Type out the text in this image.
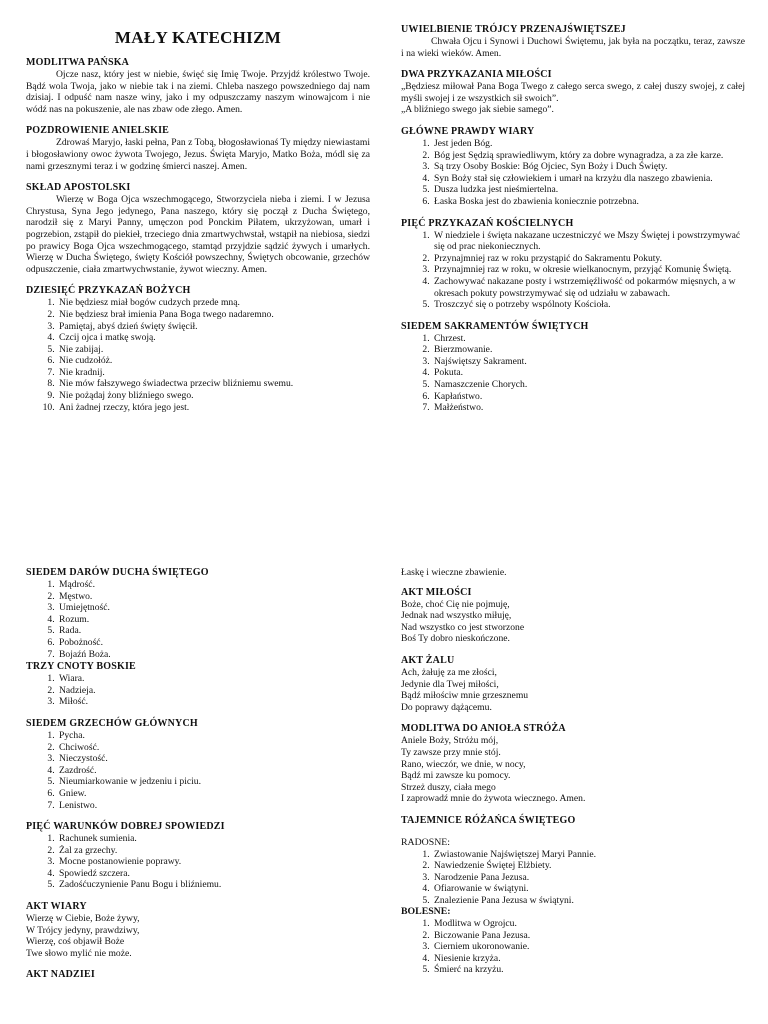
MAŁY KATECHIZM
MODLITWA PAŃSKA

Ojcze nasz, który jest w niebie, święć się Imię Twoje. Przyjdź królestwo Twoje. Bądź wola Twoja, jako w niebie tak i na ziemi. Chleba naszego powszedniego daj nam dzisiaj. I odpuść nam nasze winy, jako i my odpuszczamy naszym winowajcom i nie wódź nas na pokuszenie, ale nas zbaw ode złego. Amen.

POZDROWIENIE ANIELSKIE

Zdrowaś Maryjo, łaski pełna, Pan z Tobą, błogosławionaś Ty między niewiastami i błogosławiony owoc żywota Twojego, Jezus. Święta Maryjo, Matko Boża, módl się za nami grzesznymi teraz i w godzinę śmierci naszej. Amen.

SKŁAD APOSTOLSKI

Wierzę w Boga Ojca wszechmogącego, Stworzyciela nieba i ziemi. I w Jezusa Chrystusa, Syna Jego jedynego, Pana naszego, który się począł z Ducha Świętego, narodził się z Maryi Panny, umęczon pod Ponckim Piłatem, ukrzyżowan, umarł i pogrzebion, zstąpił do piekieł, trzeciego dnia zmartwychwstał, wstąpił na niebiosa, siedzi po prawicy Boga Ojca wszechmogącego, stamtąd przyjdzie sądzić żywych i umarłych. Wierzę w Ducha Świętego, święty Kościół powszechny, Świętych obcowanie, grzechów odpuszczenie, ciała zmartwychwstanie, żywot wieczny. Amen.

DZIESIĘĆ PRZYKAZAŃ BOŻYCH
1. Nie będziesz miał bogów cudzych przede mną.
2. Nie będziesz brał imienia Pana Boga twego nadaremno.
3. Pamiętaj, abyś dzień święty święcił.
4. Czcij ojca i matkę swoją.
5. Nie zabijaj.
6. Nie cudzołóż.
7. Nie kradnij.
8. Nie mów fałszywego świadectwa przeciw bliźniemu swemu.
9. Nie pożądaj żony bliźniego swego.
10. Ani żadnej rzeczy, która jego jest.
UWIELBIENIE TRÓJCY PRZENAJŚWIĘTSZEJ

Chwała Ojcu i Synowi i Duchowi Świętemu, jak była na początku, teraz, zawsze i na wieki wieków. Amen.

DWA PRZYKAZANIA MIŁOŚCI

„Będziesz miłował Pana Boga Twego z całego serca swego, z całej duszy swojej, z całej myśli swojej i ze wszystkich sił swoich”.

„A bliźniego swego jak siebie samego”.

GŁÓWNE PRAWDY WIARY
1. Jest jeden Bóg.
2. Bóg jest Sędzią sprawiedliwym, który za dobre wynagradza, a za złe karze.
3. Są trzy Osoby Boskie: Bóg Ojciec, Syn Boży i Duch Święty.
4. Syn Boży stał się człowiekiem i umarł na krzyżu dla naszego zbawienia.
5. Dusza ludzka jest nieśmiertelna.
6. Łaska Boska jest do zbawienia koniecznie potrzebna.
PIĘĆ PRZYKAZAŃ KOŚCIELNYCH
1. W niedziele i święta nakazane uczestniczyć we Mszy Świętej i powstrzymywać się od prac niekoniecznych.
2. Przynajmniej raz w roku przystąpić do Sakramentu Pokuty.
3. Przynajmniej raz w roku, w okresie wielkanocnym, przyjąć Komunię Świętą.
4. Zachowywać nakazane posty i wstrzemięźliwość od pokarmów mięsnych, a w okresach pokuty powstrzymywać się od udziału w zabawach.
5. Troszczyć się o potrzeby wspólnoty Kościoła.
SIEDEM SAKRAMENTÓW ŚWIĘTYCH
1. Chrzest.
2. Bierzmowanie.
3. Najświętszy Sakrament.
4. Pokuta.
5. Namaszczenie Chorych.
6. Kapłaństwo.
7. Małżeństwo.
SIEDEM DARÓW DUCHA ŚWIĘTEGO
1. Mądrość.
2. Męstwo.
3. Umiejętność.
4. Rozum.
5. Rada.
6. Pobożność.
7. Bojaźń Boża.
TRZY CNOTY BOSKIE
1. Wiara.
2. Nadzieja.
3. Miłość.
SIEDEM GRZECHÓW GŁÓWNYCH
1. Pycha.
2. Chciwość.
3. Nieczystość.
4. Zazdrość.
5. Nieumiarkowanie w jedzeniu i piciu.
6. Gniew.
7. Lenistwo.
PIĘĆ WARUNKÓW DOBREJ SPOWIEDZI
1. Rachunek sumienia.
2. Żal za grzechy.
3. Mocne postanowienie poprawy.
4. Spowiedź szczera.
5. Zadośćuczynienie Panu Bogu i bliźniemu.
AKT WIARY
Wierzę w Ciebie, Boże żywy,
W Trójcy jedyny, prawdziwy,
Wierzę, coś objawił Boże
Twe słowo mylić nie może.
AKT NADZIEI

Łaskę i wieczne zbawienie.

AKT MIŁOŚCI
Boże, choć Cię nie pojmuję,
Jednak nad wszystko miłuję,
Nad wszystko co jest stworzone
Boś Ty dobro nieskończone.
AKT ŻALU
Ach, żałuję za me złości,
Jedynie dla Twej miłości,
Bądź miłościw mnie grzesznemu
Do poprawy dążącemu.
MODLITWA DO ANIOŁA STRÓŻA
Aniele Boży, Stróżu mój,
Ty zawsze przy mnie stój.
Rano, wieczór, we dnie, w nocy,
Bądź mi zawsze ku pomocy.
Strzeż duszy, ciała mego
I zaprowadź mnie do żywota wiecznego. Amen.
TAJEMNICE RÓŻAŃCA ŚWIĘTEGO
RADOSNE:
1. Zwiastowanie Najświętszej Maryi Pannie.
2. Nawiedzenie Świętej Elżbiety.
3. Narodzenie Pana Jezusa.
4. Ofiarowanie w świątyni.
5. Znalezienie Pana Jezusa w świątyni.
BOLESNE:
1. Modlitwa w Ogrojcu.
2. Biczowanie Pana Jezusa.
3. Cierniem ukoronowanie.
4. Niesienie krzyża.
5. Śmierć na krzyżu.
